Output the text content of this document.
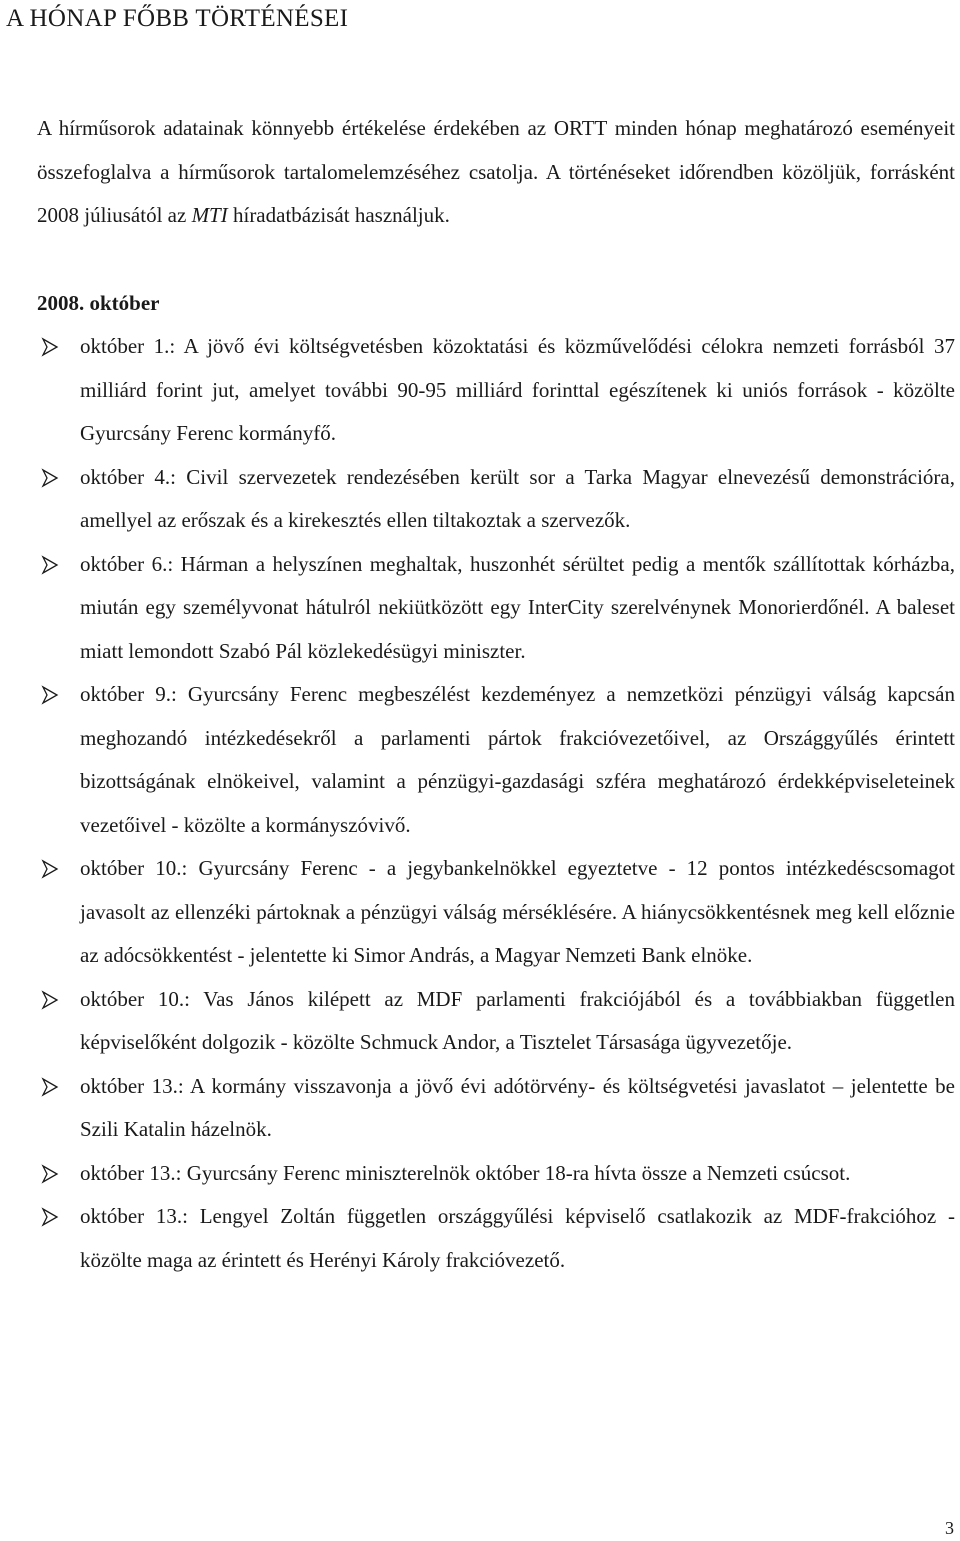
A HÓNAP FŐBB TÖRTÉNÉSEI

A hírműsorok adatainak könnyebb értékelése érdekében az ORTT minden hónap meghatározó eseményeit összefoglalva a hírműsorok tartalomelemzéséhez csatolja. A történéseket időrendben közöljük, forrásként 2008 júliusától az MTI híradatbázisát használjuk.

2008. október
október 1.: A jövő évi költségvetésben közoktatási és közművelődési célokra nemzeti forrásból 37 milliárd forint jut, amelyet további 90-95 milliárd forinttal egészítenek ki uniós források - közölte Gyurcsány Ferenc kormányfő.
október 4.: Civil szervezetek rendezésében került sor a Tarka Magyar elnevezésű demonstrációra, amellyel az erőszak és a kirekesztés ellen tiltakoztak a szervezők.
október 6.: Hárman a helyszínen meghaltak, huszonhét sérültet pedig a mentők szállítottak kórházba, miután egy személyvonat hátulról nekiütközött egy InterCity szerelvénynek Monorierdőnél. A baleset miatt lemondott Szabó Pál közlekedésügyi miniszter.
október 9.: Gyurcsány Ferenc megbeszélést kezdeményez a nemzetközi pénzügyi válság kapcsán meghozandó intézkedésekről a parlamenti pártok frakcióvezetőivel, az Országgyűlés érintett bizottságának elnökeivel, valamint a pénzügyi-gazdasági szféra meghatározó érdekképviseleteinek vezetőivel - közölte a kormányszóvivő.
október 10.: Gyurcsány Ferenc - a jegybankelnökkel egyeztetve - 12 pontos intézkedéscsomagot javasolt az ellenzéki pártoknak a pénzügyi válság mérséklésére. A hiánycsökkentésnek meg kell előznie az adócsökkentést - jelentette ki Simor András, a Magyar Nemzeti Bank elnöke.
október 10.: Vas János kilépett az MDF parlamenti frakciójából és a továbbiakban független képviselőként dolgozik - közölte Schmuck Andor, a Tisztelet Társasága ügyvezetője.
október 13.: A kormány visszavonja a jövő évi adótörvény- és költségvetési javaslatot – jelentette be Szili Katalin házelnök.
október 13.: Gyurcsány Ferenc miniszterelnök október 18-ra hívta össze a Nemzeti csúcsot.
október 13.: Lengyel Zoltán független országgyűlési képviselő csatlakozik az MDF-frakcióhoz - közölte maga az érintett és Herényi Károly frakcióvezető.

3
